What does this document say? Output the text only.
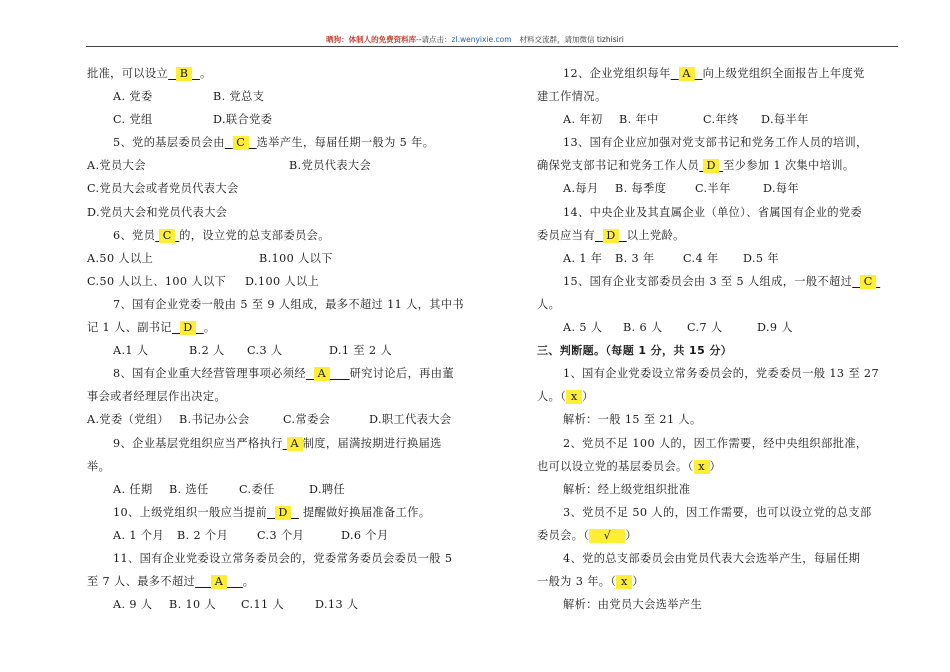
晒狗：体制人的免费资料库--请点击：zl.wenyixie.com 材料交流群，请加微信 tizhisiri
批准，可以设立 B 。
A. 党委	B. 党总支
C. 党组	D.联合党委
5、党的基层委员会由 C 选举产生，每届任期一般为 5 年。
A.党员大会	B.党员代表大会
C.党员大会或者党员代表大会
D.党员大会和党员代表大会
6、党员 C 的，设立党的总支部委员会。
A.50 人以上	B.100 人以下
C.50 人以上、100 人以下 D.100 人以上
7、国有企业党委一般由 5 至 9 人组成，最多不超过 11 人，其中书
记 1 人、副书记 D 。
A.1 人	B.2 人 C.3 人	D.1 至 2 人
8、国有企业重大经营管理事项必须经 A 研究讨论后，再由董
事会或者经理层作出决定。
A.党委（党组） B.书记办公会	C.常委会	D.职工代表大会
9、企业基层党组织应当严格执行 A 制度，届满按期进行换届选
举。
A. 任期 B. 选任	C.委任	D.聘任
10、上级党组织一般应当提前 D 提醒做好换届准备工作。
A. 1 个月 B. 2 个月	C.3 个月	D.6 个月
11、国有企业党委设立常务委员会的，党委常务委员会委员一般 5
至 7 人、最多不超过 A 。
A. 9 人 B. 10 人 C.11 人	D.13 人
12、企业党组织每年 A 向上级党组织全面报告上年度党
建工作情况。
A. 年初 B. 年中	C.年终 D.每半年
13、国有企业应加强对党支部书记和党务工作人员的培训，
确保党支部书记和党务工作人员 D 至少参加 1 次集中培训。
A.每月 B. 每季度	C.半年	D.每年
14、中央企业及其直属企业（单位）、省属国有企业的党委
委员应当有 D 以上党龄。
A. 1 年 B. 3 年	C.4 年 D.5 年
15、国有企业支部委员会由 3 至 5 人组成，一般不超过 C
人。
A. 5 人 B. 6 人 C.7 人	D.9 人
三、判断题。（每题 1 分，共 15 分）
1、国有企业党委设立常务委员会的，党委委员一般 13 至 27
人。（ x ）
解析：一般 15 至 21 人。
2、党员不足 100 人的，因工作需要，经中央组织部批准，
也可以设立党的基层委员会。（ x ）
解析：经上级党组织批准
3、党员不足 50 人的，因工作需要，也可以设立党的总支部
委员会。（ √ ）
4、党的总支部委员会由党员代表大会选举产生，每届任期
一般为 3 年。（ x ）
解析：由党员大会选举产生
